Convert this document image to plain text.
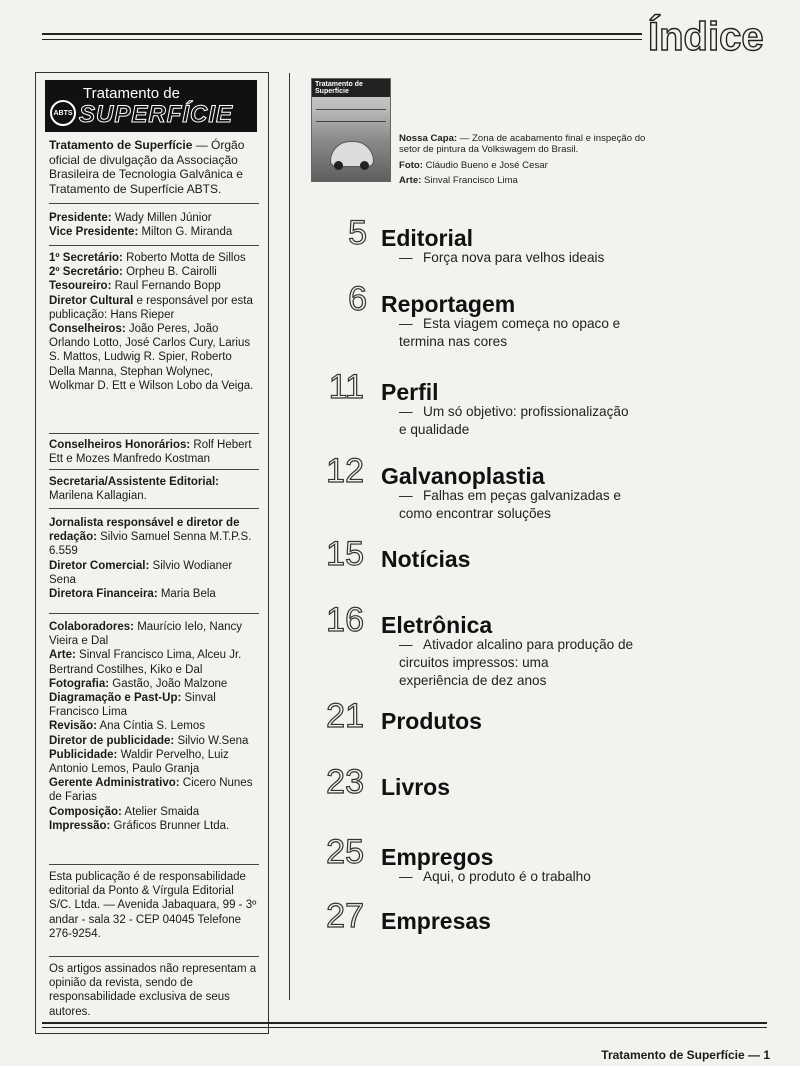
Índice
ABTS
Tratamento de
SUPERFÍCIE

Tratamento de Superfície — Órgão oficial de divulgação da Associação Brasileira de Tecnologia Galvânica e Tratamento de Superfície ABTS.

Presidente: Wady Millen Júnior

Vice Presidente: Milton G. Miranda

1º Secretário: Roberto Motta de Sillos

2º Secretário: Orpheu B. Cairolli

Tesoureiro: Raul Fernando Bopp

Diretor Cultural e responsável por esta publicação: Hans Rieper

Conselheiros: João Peres, João Orlando Lotto, José Carlos Cury, Larius S. Mattos, Ludwig R. Spier, Roberto Della Manna, Stephan Wolynec, Wolkmar D. Ett e Wilson Lobo da Veiga.

Conselheiros Honorários: Rolf Hebert Ett e Mozes Manfredo Kostman

Secretaria/Assistente Editorial: Marilena Kallagian.

Jornalista responsável e diretor de redação: Silvio Samuel Senna M.T.P.S. 6.559

Diretor Comercial: Silvio Wodianer Sena

Diretora Financeira: Maria Bela

Colaboradores: Maurício Ielo, Nancy Vieira e Dal

Arte: Sinval Francisco Lima, Alceu Jr. Bertrand Costilhes, Kiko e Dal

Fotografia: Gastão, João Malzone

Diagramação e Past-Up: Sinval Francisco Lima

Revisão: Ana Cíntia S. Lemos

Diretor de publicidade: Silvio W.Sena

Publicidade: Waldir Pervelho, Luiz Antonio Lemos, Paulo Granja

Gerente Administrativo: Cicero Nunes de Farias

Composição: Atelier Smaida

Impressão: Gráficos Brunner Ltda.

Esta publicação é de responsabilidade editorial da Ponto & Vírgula Editorial S/C. Ltda. — Avenida Jabaquara, 99 - 3º andar - sala 32 - CEP 04045 Telefone 276-9254.
Os artigos assinados não representam a opinião da revista, sendo de responsabilidade exclusiva de seus autores.
Tratamento de Superfície

Nossa Capa: — Zona de acabamento final e inspeção do setor de pintura da Volkswagem do Brasil.

Foto: Cláudio Bueno e José Cesar

Arte: Sinval Francisco Lima

5 Editorial
— Força nova para velhos ideais
6 Reportagem
— Esta viagem começa no opaco e
termina nas cores
11 Perfil
— Um só objetivo: profissionalização
e qualidade
12 Galvanoplastia
— Falhas em peças galvanizadas e
como encontrar soluções
15 Notícias
16 Eletrônica
— Ativador alcalino para produção de
circuitos impressos: uma
experiência de dez anos
21 Produtos
23 Livros
25 Empregos
— Aqui, o produto é o trabalho
27 Empresas
Tratamento de Superfície — 1
